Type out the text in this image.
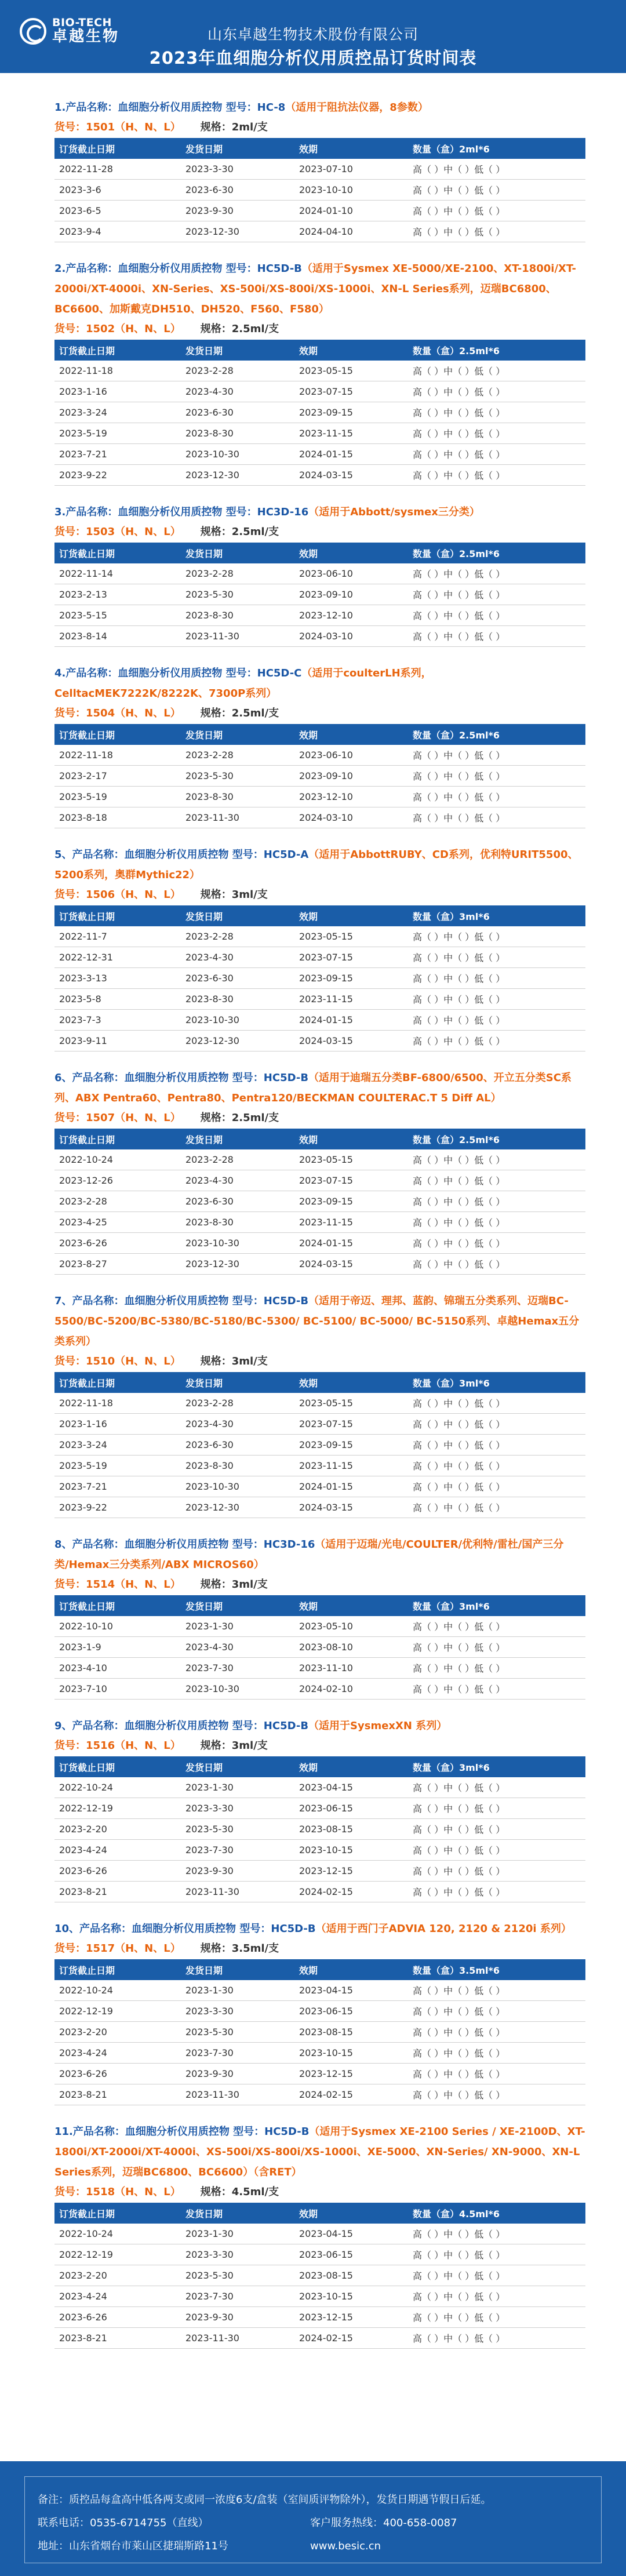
BIO-TECH
卓越生物	山东卓越生物技术股份有限公司
2023年血细胞分析仪用质控品订货时间表
1.产品名称：血细胞分析仪用质控物 型号：HC-8（适用于阻抗法仪器，8参数）
货号：1501（H、N、L） 规格：2ml/支
订货截止日期	发货日期	效期	数量（盒）2ml*6
2022-11-28	2023-3-30	2023-07-10	高（ ）中（ ）低（ ）
2023-3-6	2023-6-30	2023-10-10	高（ ）中（ ）低（ ）
2023-6-5	2023-9-30	2024-01-10	高（ ）中（ ）低（ ）
2023-9-4	2023-12-30	2024-04-10	高（ ）中（ ）低（ ）
2.产品名称：血细胞分析仪用质控物 型号：HC5D-B（适用于Sysmex XE-5000/XE-2100、XT-1800i/XT-2000i/XT-4000i、XN-Series、XS-500i/XS-800i/XS-1000i、XN-L Series系列，迈瑞BC6800、BC6600、加斯戴克DH510、DH520、F560、F580）
货号：1502（H、N、L） 规格：2.5ml/支
订货截止日期	发货日期	效期	数量（盒）2.5ml*6
2022-11-18	2023-2-28	2023-05-15	高（ ）中（ ）低（ ）
2023-1-16	2023-4-30	2023-07-15	高（ ）中（ ）低（ ）
2023-3-24	2023-6-30	2023-09-15	高（ ）中（ ）低（ ）
2023-5-19	2023-8-30	2023-11-15	高（ ）中（ ）低（ ）
2023-7-21	2023-10-30	2024-01-15	高（ ）中（ ）低（ ）
2023-9-22	2023-12-30	2024-03-15	高（ ）中（ ）低（ ）
3.产品名称：血细胞分析仪用质控物 型号：HC3D-16（适用于Abbott/sysmex三分类）
货号：1503（H、N、L） 规格：2.5ml/支
订货截止日期	发货日期	效期	数量（盒）2.5ml*6
2022-11-14	2023-2-28	2023-06-10	高（ ）中（ ）低（ ）
2023-2-13	2023-5-30	2023-09-10	高（ ）中（ ）低（ ）
2023-5-15	2023-8-30	2023-12-10	高（ ）中（ ）低（ ）
2023-8-14	2023-11-30	2024-03-10	高（ ）中（ ）低（ ）
4.产品名称：血细胞分析仪用质控物 型号：HC5D-C（适用于coulterLH系列，CelltacMEK7222K/8222K、7300P系列）
货号：1504（H、N、L） 规格：2.5ml/支
订货截止日期	发货日期	效期	数量（盒）2.5ml*6
2022-11-18	2023-2-28	2023-06-10	高（ ）中（ ）低（ ）
2023-2-17	2023-5-30	2023-09-10	高（ ）中（ ）低（ ）
2023-5-19	2023-8-30	2023-12-10	高（ ）中（ ）低（ ）
2023-8-18	2023-11-30	2024-03-10	高（ ）中（ ）低（ ）
5、产品名称：血细胞分析仪用质控物 型号：HC5D-A（适用于AbbottRUBY、CD系列，优利特URIT5500、5200系列，奥群Mythic22）
货号：1506（H、N、L） 规格：3ml/支
订货截止日期	发货日期	效期	数量（盒）3ml*6
2022-11-7	2023-2-28	2023-05-15	高（ ）中（ ）低（ ）
2022-12-31	2023-4-30	2023-07-15	高（ ）中（ ）低（ ）
2023-3-13	2023-6-30	2023-09-15	高（ ）中（ ）低（ ）
2023-5-8	2023-8-30	2023-11-15	高（ ）中（ ）低（ ）
2023-7-3	2023-10-30	2024-01-15	高（ ）中（ ）低（ ）
2023-9-11	2023-12-30	2024-03-15	高（ ）中（ ）低（ ）
6、产品名称：血细胞分析仪用质控物 型号：HC5D-B（适用于迪瑞五分类BF-6800/6500、开立五分类SC系列、ABX Pentra60、Pentra80、Pentra120/BECKMAN COULTERAC.T 5 Diff AL）
货号：1507（H、N、L） 规格：2.5ml/支
订货截止日期	发货日期	效期	数量（盒）2.5ml*6
2022-10-24	2023-2-28	2023-05-15	高（ ）中（ ）低（ ）
2023-12-26	2023-4-30	2023-07-15	高（ ）中（ ）低（ ）
2023-2-28	2023-6-30	2023-09-15	高（ ）中（ ）低（ ）
2023-4-25	2023-8-30	2023-11-15	高（ ）中（ ）低（ ）
2023-6-26	2023-10-30	2024-01-15	高（ ）中（ ）低（ ）
2023-8-27	2023-12-30	2024-03-15	高（ ）中（ ）低（ ）
7、产品名称：血细胞分析仪用质控物 型号：HC5D-B（适用于帝迈、理邦、蓝韵、锦瑞五分类系列、迈瑞BC-5500/BC-5200/BC-5380/BC-5180/BC-5300/ BC-5100/ BC-5000/ BC-5150系列、卓越Hemax五分类系列）
货号：1510（H、N、L） 规格：3ml/支
订货截止日期	发货日期	效期	数量（盒）3ml*6
2022-11-18	2023-2-28	2023-05-15	高（ ）中（ ）低（ ）
2023-1-16	2023-4-30	2023-07-15	高（ ）中（ ）低（ ）
2023-3-24	2023-6-30	2023-09-15	高（ ）中（ ）低（ ）
2023-5-19	2023-8-30	2023-11-15	高（ ）中（ ）低（ ）
2023-7-21	2023-10-30	2024-01-15	高（ ）中（ ）低（ ）
2023-9-22	2023-12-30	2024-03-15	高（ ）中（ ）低（ ）
8、产品名称：血细胞分析仪用质控物 型号：HC3D-16（适用于迈瑞/光电/COULTER/优利特/雷杜/国产三分类/Hemax三分类系列/ABX MICROS60）
货号：1514（H、N、L） 规格：3ml/支
订货截止日期	发货日期	效期	数量（盒）3ml*6
2022-10-10	2023-1-30	2023-05-10	高（ ）中（ ）低（ ）
2023-1-9	2023-4-30	2023-08-10	高（ ）中（ ）低（ ）
2023-4-10	2023-7-30	2023-11-10	高（ ）中（ ）低（ ）
2023-7-10	2023-10-30	2024-02-10	高（ ）中（ ）低（ ）
9、产品名称：血细胞分析仪用质控物 型号：HC5D-B（适用于SysmexXN 系列）
货号：1516（H、N、L） 规格：3ml/支
订货截止日期	发货日期	效期	数量（盒）3ml*6
2022-10-24	2023-1-30	2023-04-15	高（ ）中（ ）低（ ）
2022-12-19	2023-3-30	2023-06-15	高（ ）中（ ）低（ ）
2023-2-20	2023-5-30	2023-08-15	高（ ）中（ ）低（ ）
2023-4-24	2023-7-30	2023-10-15	高（ ）中（ ）低（ ）
2023-6-26	2023-9-30	2023-12-15	高（ ）中（ ）低（ ）
2023-8-21	2023-11-30	2024-02-15	高（ ）中（ ）低（ ）
10、产品名称：血细胞分析仪用质控物 型号：HC5D-B（适用于西门子ADVIA 120, 2120 & 2120i 系列）
货号：1517（H、N、L） 规格：3.5ml/支
订货截止日期	发货日期	效期	数量（盒）3.5ml*6
2022-10-24	2023-1-30	2023-04-15	高（ ）中（ ）低（ ）
2022-12-19	2023-3-30	2023-06-15	高（ ）中（ ）低（ ）
2023-2-20	2023-5-30	2023-08-15	高（ ）中（ ）低（ ）
2023-4-24	2023-7-30	2023-10-15	高（ ）中（ ）低（ ）
2023-6-26	2023-9-30	2023-12-15	高（ ）中（ ）低（ ）
2023-8-21	2023-11-30	2024-02-15	高（ ）中（ ）低（ ）
11.产品名称：血细胞分析仪用质控物 型号：HC5D-B（适用于Sysmex XE-2100 Series / XE-2100D、XT-1800i/XT-2000i/XT-4000i、XS-500i/XS-800i/XS-1000i、XE-5000、XN-Series/ XN-9000、XN-L Series系列，迈瑞BC6800、BC6600）（含RET）
货号：1518（H、N、L） 规格：4.5ml/支
订货截止日期	发货日期	效期	数量（盒）4.5ml*6
2022-10-24	2023-1-30	2023-04-15	高（ ）中（ ）低（ ）
2022-12-19	2023-3-30	2023-06-15	高（ ）中（ ）低（ ）
2023-2-20	2023-5-30	2023-08-15	高（ ）中（ ）低（ ）
2023-4-24	2023-7-30	2023-10-15	高（ ）中（ ）低（ ）
2023-6-26	2023-9-30	2023-12-15	高（ ）中（ ）低（ ）
2023-8-21	2023-11-30	2024-02-15	高（ ）中（ ）低（ ）
备注：质控品每盒高中低各两支或同一浓度6支/盒装（室间质评物除外），发货日期遇节假日后延。
联系电话：0535-6714755（直线）	客户服务热线：400-658-0087
地址：山东省烟台市莱山区捷瑞斯路11号	www.besic.cn
